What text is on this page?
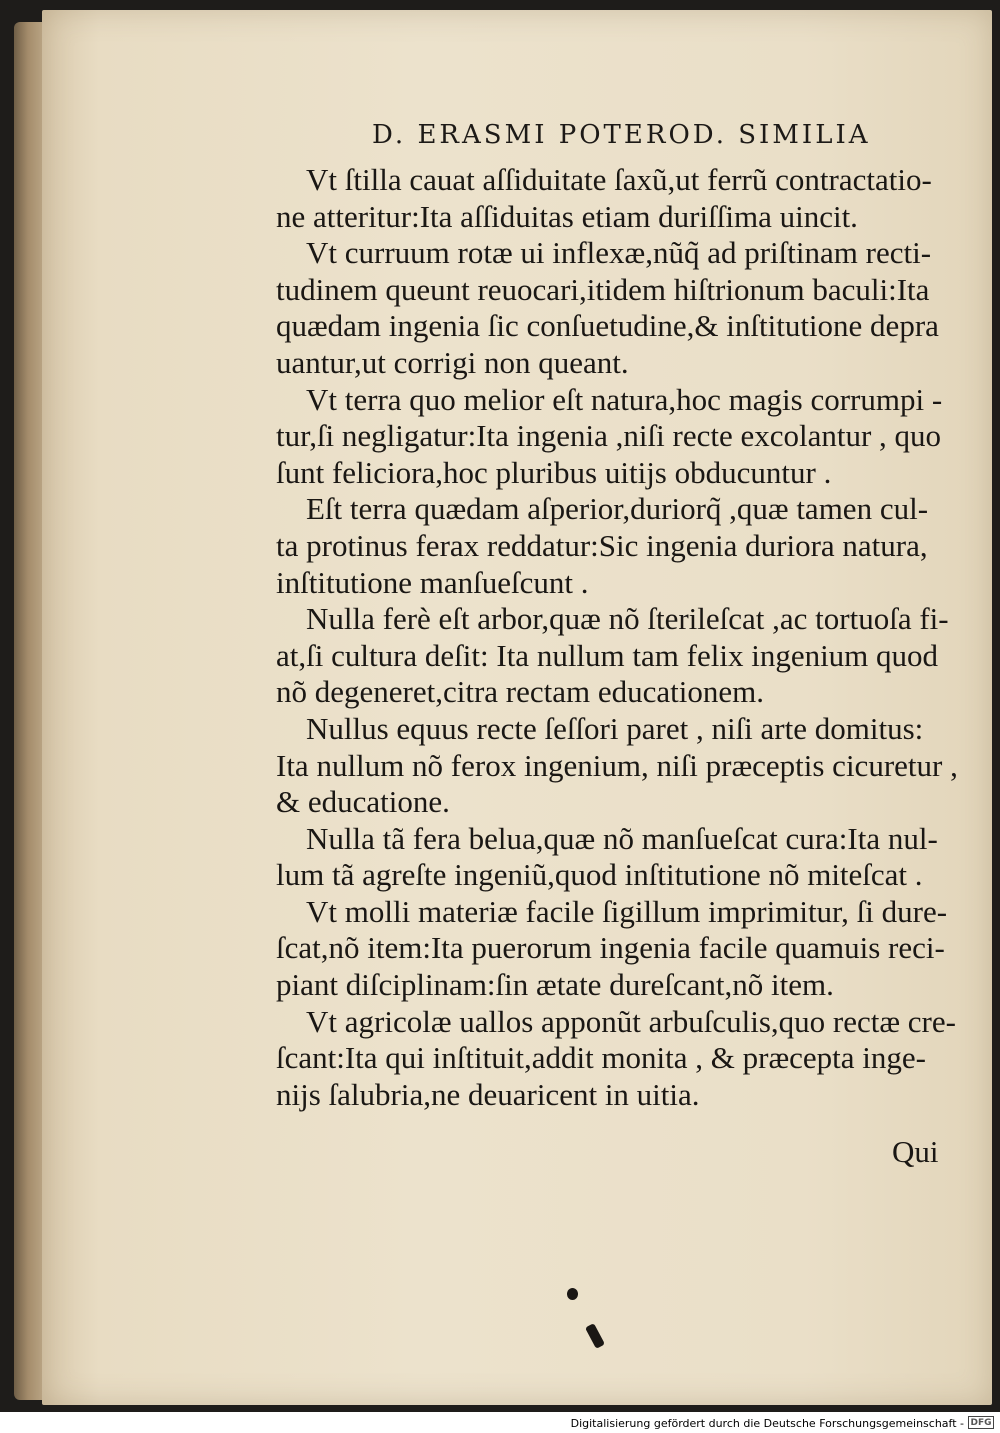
D. ERASMI POTEROD. SIMILIA
Vt ſtilla cauat aſſiduitate ſaxũ,ut ferrũ contractatio-
ne atteritur:Ita aſſiduitas etiam duriſſima uincit.
Vt curruum rotæ ui inflexæ,nũq̃ ad priſtinam recti-
tudinem queunt reuocari,itidem hiſtrionum baculi:Ita
quædam ingenia ſic conſuetudine,& inſtitutione depra
uantur,ut corrigi non queant.
Vt terra quo melior eſt natura,hoc magis corrumpi -
tur,ſi negligatur:Ita ingenia ,niſi recte excolantur , quo
ſunt feliciora,hoc pluribus uitijs obducuntur .
Eſt terra quædam aſperior,duriorq̃ ,quæ tamen cul-
ta protinus ferax reddatur:Sic ingenia duriora natura,
inſtitutione manſueſcunt .
Nulla ferè eſt arbor,quæ nõ ſterileſcat ,ac tortuoſa fi-
at,ſi cultura deſit: Ita nullum tam felix ingenium quod
nõ degeneret,citra rectam educationem.
Nullus equus recte ſeſſori paret , niſi arte domitus:
Ita nullum nõ ferox ingenium, niſi præceptis cicuretur ,
& educatione.
Nulla tã fera belua,quæ nõ manſueſcat cura:Ita nul-
lum tã agreſte ingeniũ,quod inſtitutione nõ miteſcat .
Vt molli materiæ facile ſigillum imprimitur, ſi dure-
ſcat,nõ item:Ita puerorum ingenia facile quamuis reci-
piant diſciplinam:ſin ætate dureſcant,nõ item.
Vt agricolæ uallos apponũt arbuſculis,quo rectæ cre-
ſcant:Ita qui inſtituit,addit monita , & præcepta inge-
nijs ſalubria,ne deuaricent in uitia.
Qui
Digitalisierung gefördert durch die Deutsche Forschungsgemeinschaft - DFG
